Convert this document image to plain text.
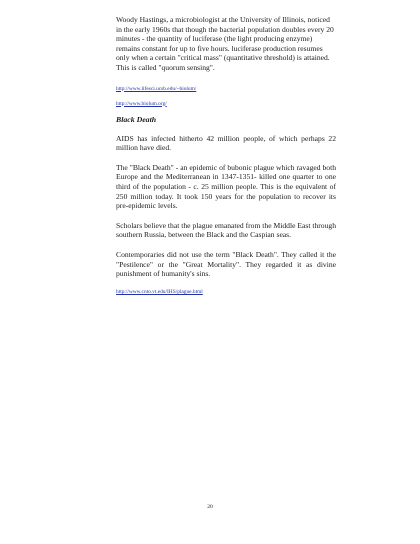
Woody Hastings, a microbiologist at the University of Illinois, noticed in the early 1960s that though the bacterial population doubles every 20 minutes - the quantity of luciferase (the light producing enzyme) remains constant for up to five hours. luciferase production resumes only when a certain "critical mass" (quantitative threshold) is attained. This is called "quorum sensing".

http://www.lifesci.ucsb.edu/~biolum/
http://www.biolum.org/

Black Death

AIDS has infected hitherto 42 million people, of which perhaps 22 million have died.

The "Black Death" - an epidemic of bubonic plague which ravaged both Europe and the Mediterranean in 1347-1351- killed one quarter to one third of the population - c. 25 million people. This is the equivalent of 250 million today. It took 150 years for the population to recover its pre-epidemic levels.

Scholars believe that the plague emanated from the Middle East through southern Russia, between the Black and the Caspian seas.

Contemporaries did not use the term "Black Death". They called it the "Pestilence" or the "Great Mortality". They regarded it as divine punishment of humanity's sins.

http://www.cnto.vt.edu/IHS/plague.html
20
